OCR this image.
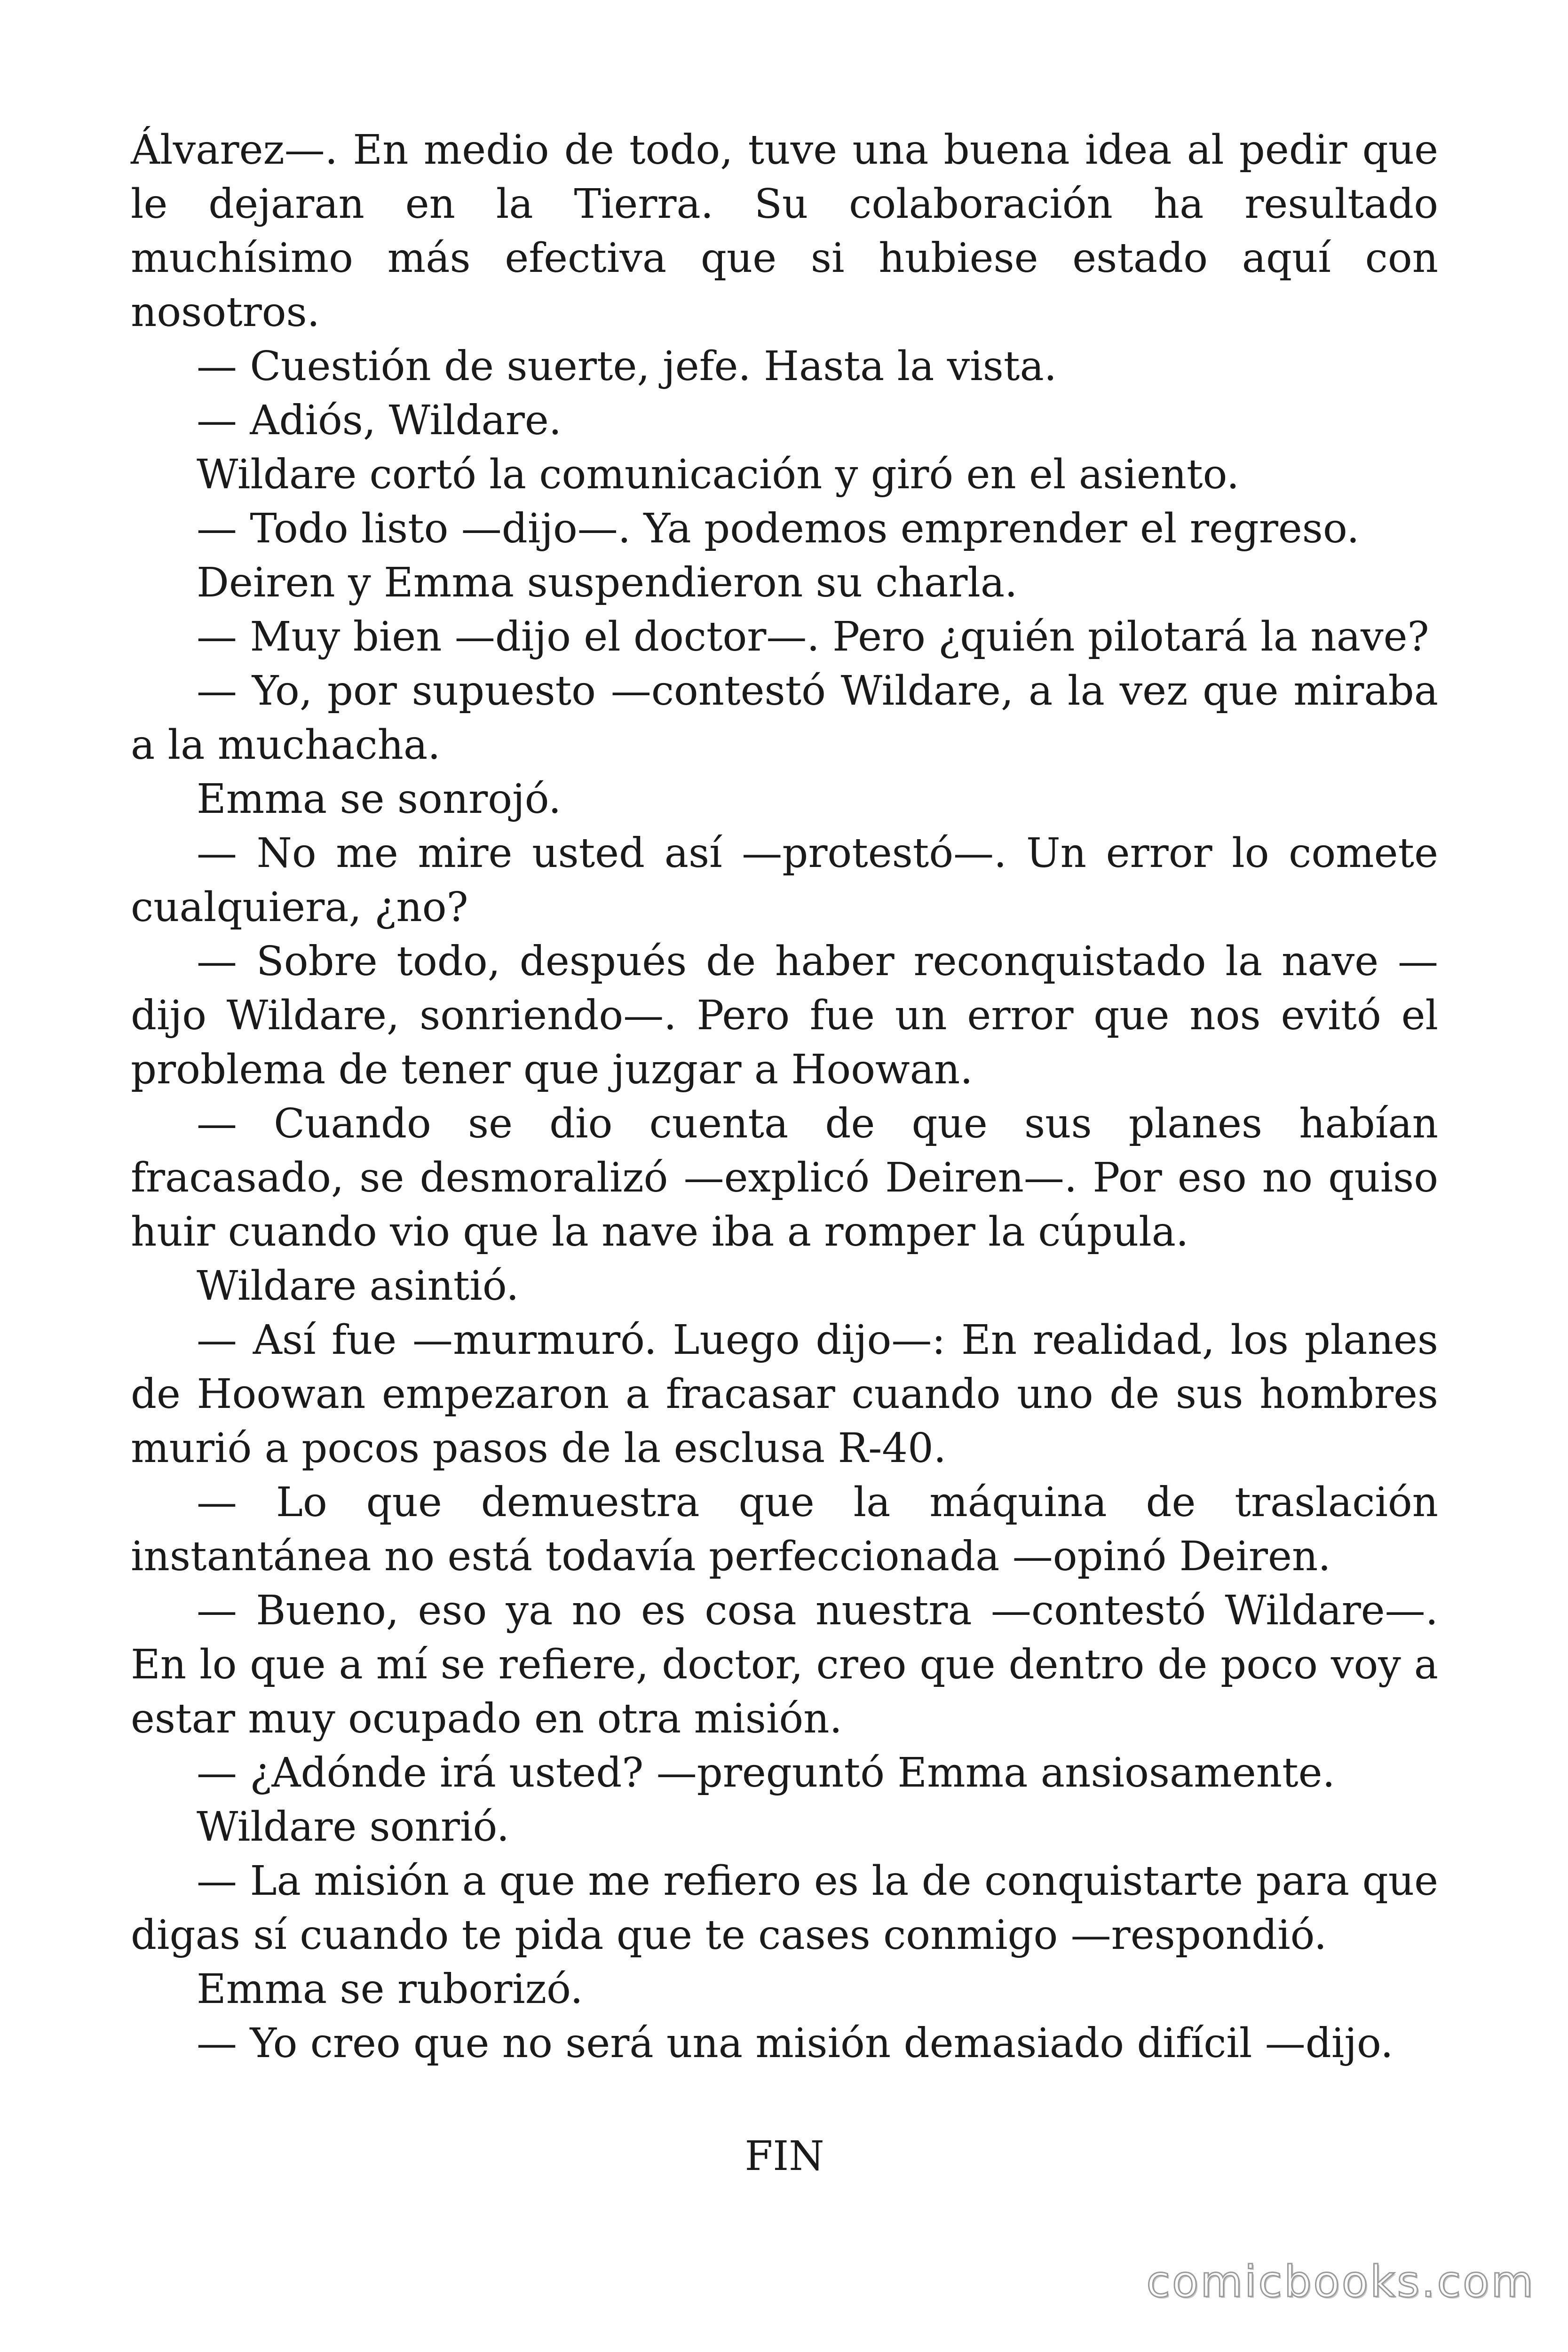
Álvarez—. En medio de todo, tuve una buena idea al pedir que le dejaran en la Tierra. Su colaboración ha resultado muchísimo más efectiva que si hubiese estado aquí con nosotros.

— Cuestión de suerte, jefe. Hasta la vista.

— Adiós, Wildare.

Wildare cortó la comunicación y giró en el asiento.

— Todo listo —dijo—. Ya podemos emprender el regreso.

Deiren y Emma suspendieron su charla.

— Muy bien —dijo el doctor—. Pero ¿quién pilotará la nave?

— Yo, por supuesto —contestó Wildare, a la vez que miraba a la muchacha.

Emma se sonrojó.

— No me mire usted así —protestó—. Un error lo comete cualquiera, ¿no?

— Sobre todo, después de haber reconquistado la nave —dijo Wildare, sonriendo—. Pero fue un error que nos evitó el problema de tener que juzgar a Hoowan.

— Cuando se dio cuenta de que sus planes habían fracasado, se desmoralizó —explicó Deiren—. Por eso no quiso huir cuando vio que la nave iba a romper la cúpula.

Wildare asintió.

— Así fue —murmuró. Luego dijo—: En realidad, los planes de Hoowan empezaron a fracasar cuando uno de sus hombres murió a pocos pasos de la esclusa R-40.

— Lo que demuestra que la máquina de traslación instantánea no está todavía perfeccionada —opinó Deiren.

— Bueno, eso ya no es cosa nuestra —contestó Wildare—. En lo que a mí se refiere, doctor, creo que dentro de poco voy a estar muy ocupado en otra misión.

— ¿Adónde irá usted? —preguntó Emma ansiosamente.

Wildare sonrió.

— La misión a que me refiero es la de conquistarte para que digas sí cuando te pida que te cases conmigo —respondió.

Emma se ruborizó.

— Yo creo que no será una misión demasiado difícil —dijo.

FIN
comicbooks.com
